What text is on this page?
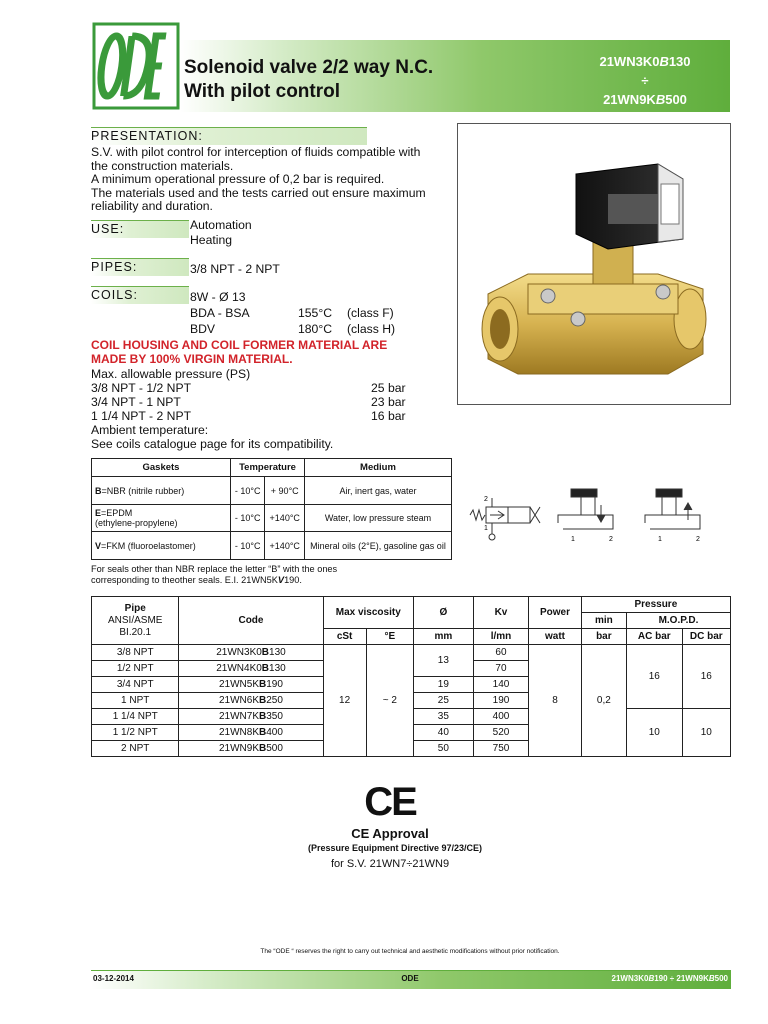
Solenoid valve 2/2 way N.C.
With pilot control
21WN3K0B130
÷
21WN9KB500
PRESENTATION:
S.V. with pilot control for interception of fluids compatible with
the construction materials.
A minimum operational pressure of 0,2 bar is required.
The materials used and the tests carried out ensure maximum
reliability and duration.
USE:	Automation
Heating
PIPES:	3/8 NPT - 2 NPT
COILS:	8W - Ø 13
BDA - BSA	155°C (class F)
BDV	180°C (class H)
COIL HOUSING AND COIL FORMER MATERIAL ARE
MADE BY 100% VIRGIN MATERIAL.
Max. allowable pressure (PS)
3/8 NPT - 1/2 NPT	25 bar
3/4 NPT - 1 NPT	23 bar
1 1/4 NPT - 2 NPT	16 bar
Ambient temperature:
See coils catalogue page for its compatibility.
Gaskets	Temperature		Medium
B=NBR (nitrile rubber)	- 10°C	+ 90°C	Air, inert gas, water
E=EPDM
(ethylene-propylene)	- 10°C	+140°C	Water, low pressure steam
V=FKM (fluoroelastomer)	- 10°C	+140°C	Mineral oils (2°E), gasoline gas oil
2
1
1	2	1	2
For seals other than NBR replace the letter “B” with the ones
corresponding to theother seals. E.I. 21WN5KV190.
Pipe
ANSI/ASME
BI.20.1	Code	Max viscosity		Ø	Kv	Power	Pressure		
							min	M.O.P.D.	
		cSt	°E	mm	l/mn	watt	bar	AC bar	DC bar
3/8 NPT	21WN3K0B130	12	~ 2	13	60	8	0,2	16	16
1/2 NPT	21WN4K0B130				70				
3/4 NPT	21WN5KB190			19	140				
1 NPT	21WN6KB250			25	190				
1 1/4 NPT	21WN7KB350			35	400			10	10
1 1/2 NPT	21WN8KB400			40	520				
2 NPT	21WN9KB500			50	750				
CE
CE Approval
(Pressure Equipment Directive 97/23/CE)
for S.V. 21WN7÷21WN9
The “ODE “ reserves the right to carry out technical and aesthetic modifications without prior notification.
03-12-2014	ODE	21WN3K0B190 ÷ 21WN9KB500
